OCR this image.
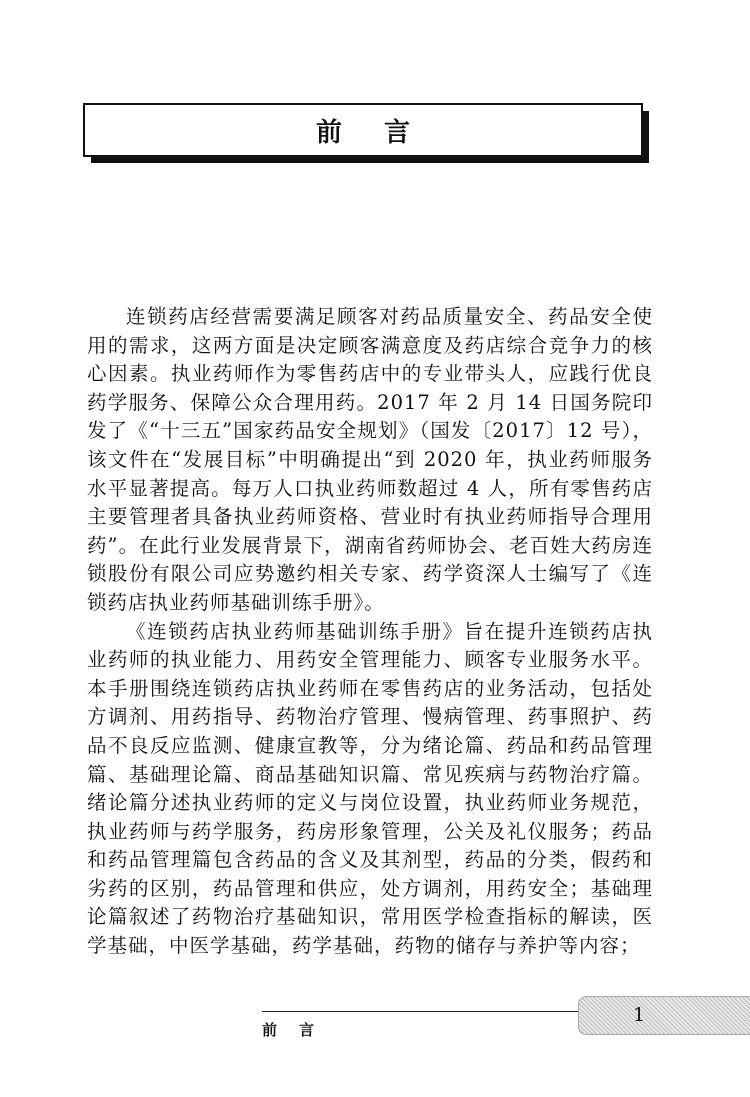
前言

连锁药店经营需要满足顾客对药品质量安全、药品安全使用的需求，这两方面是决定顾客满意度及药店综合竞争力的核心因素。执业药师作为零售药店中的专业带头人，应践行优良药学服务、保障公众合理用药。2017 年 2 月 14 日国务院印发了《“十三五”国家药品安全规划》（国发〔2017〕12 号），该文件在“发展目标”中明确提出“到 2020 年，执业药师服务水平显著提高。每万人口执业药师数超过 4 人，所有零售药店主要管理者具备执业药师资格、营业时有执业药师指导合理用药”。在此行业发展背景下，湖南省药师协会、老百姓大药房连锁股份有限公司应势邀约相关专家、药学资深人士编写了《连锁药店执业药师基础训练手册》。

《连锁药店执业药师基础训练手册》旨在提升连锁药店执业药师的执业能力、用药安全管理能力、顾客专业服务水平。本手册围绕连锁药店执业药师在零售药店的业务活动，包括处方调剂、用药指导、药物治疗管理、慢病管理、药事照护、药品不良反应监测、健康宣教等，分为绪论篇、药品和药品管理篇、基础理论篇、商品基础知识篇、常见疾病与药物治疗篇。绪论篇分述执业药师的定义与岗位设置，执业药师业务规范，执业药师与药学服务，药房形象管理，公关及礼仪服务；药品和药品管理篇包含药品的含义及其剂型，药品的分类，假药和劣药的区别，药品管理和供应，处方调剂，用药安全；基础理论篇叙述了药物治疗基础知识，常用医学检查指标的解读，医学基础，中医学基础，药学基础，药物的储存与养护等内容；

前言
1
